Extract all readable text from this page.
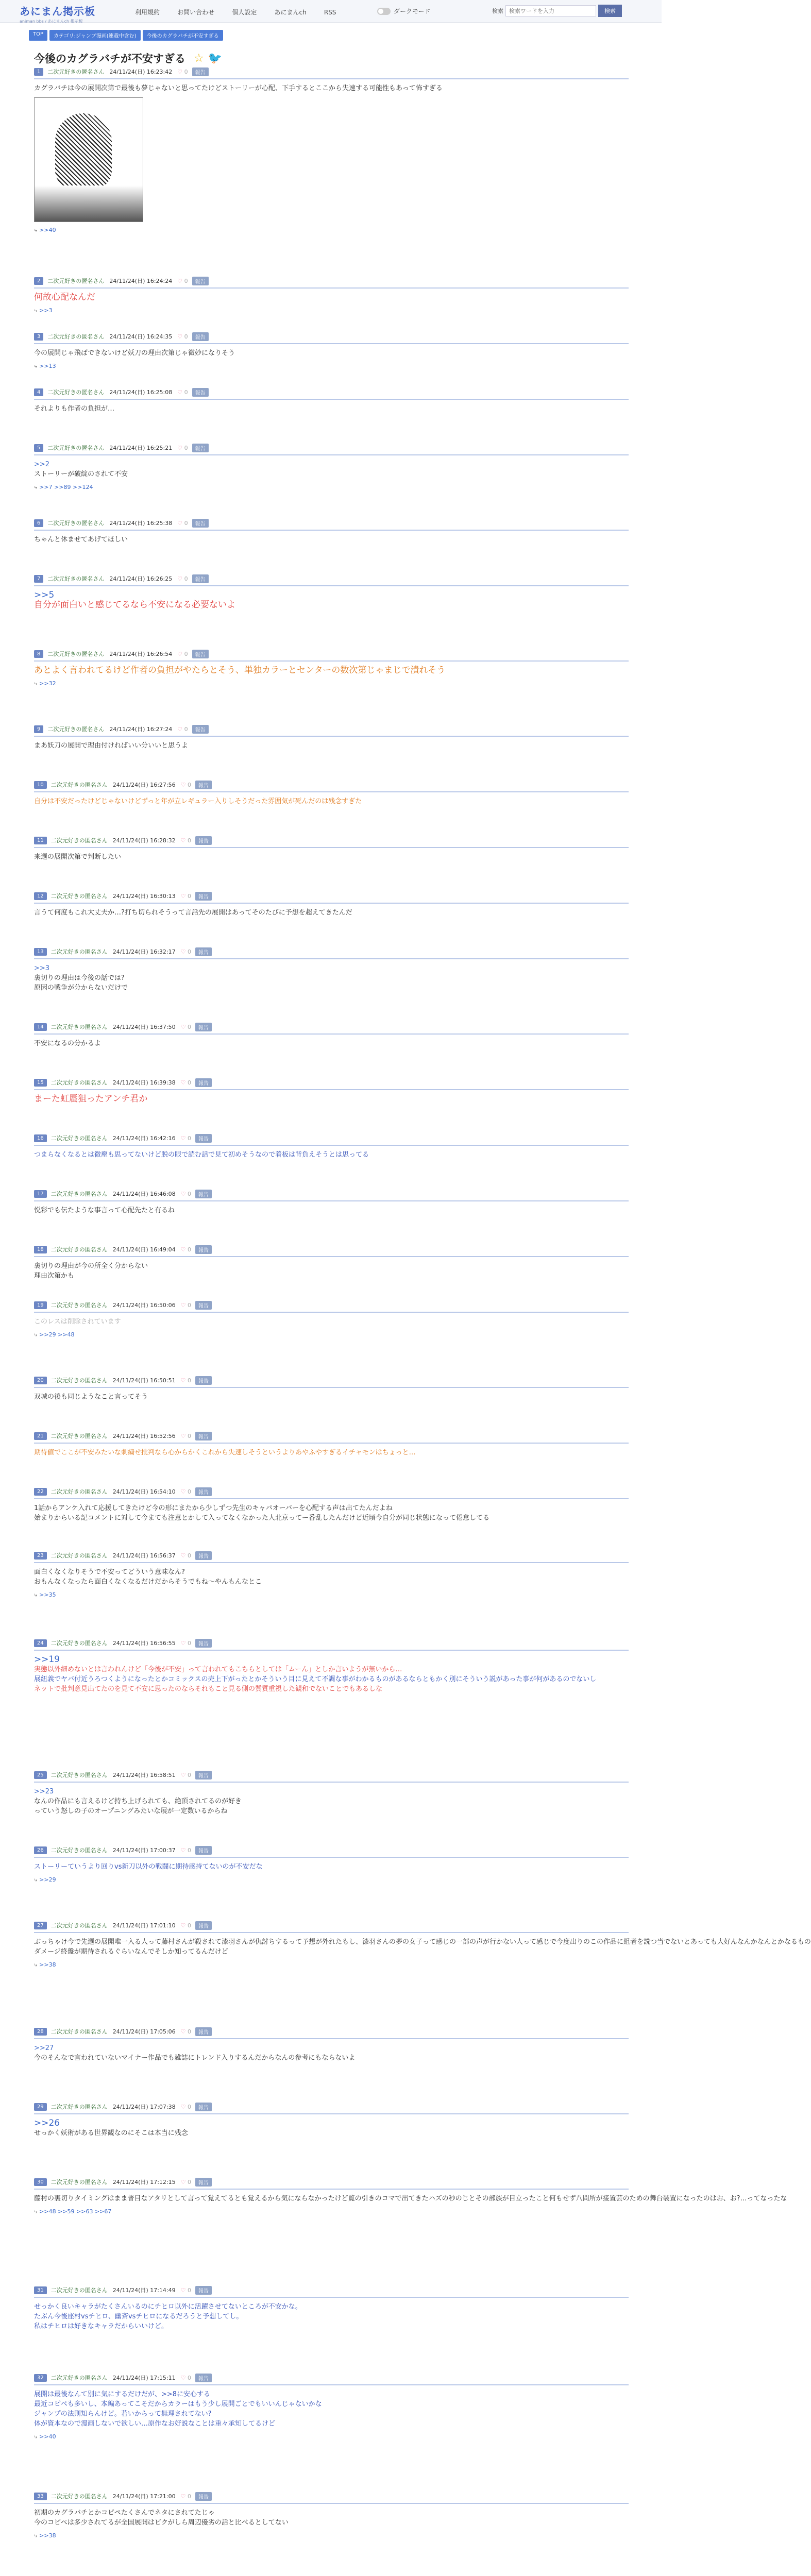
あにまん掲示板
animan bbs / あにまんch 掲示板
利用規約	お問い合わせ	個人設定	あにまんch	RSS	ダークモード	検索
検索ワードを入力	検索
TOP	カテゴリ:ジャンプ漫画(連載中含む)	今後のカグラバチが不安すぎる
今後のカグラバチが不安すぎる ☆ 🐦
1	二次元好きの匿名さん 24/11/24(日) 16:23:42 ♡ 0	報告
カグラバチは今の展開次第で最後も夢じゃないと思ってたけどストーリーが心配、下手するとここから失速する可能性もあって怖すぎる
⤷ >>40
2	二次元好きの匿名さん 24/11/24(日) 16:24:24 ♡ 0	報告
何故心配なんだ
⤷ >>3
3	二次元好きの匿名さん 24/11/24(日) 16:24:35 ♡ 0	報告
今の展開じゃ飛ばできないけど妖刀の理由次第じゃ微妙になりそう
⤷ >>13
4	二次元好きの匿名さん 24/11/24(日) 16:25:08 ♡ 0	報告
それよりも作者の負担が…
5	二次元好きの匿名さん 24/11/24(日) 16:25:21 ♡ 0	報告
>>2
ストーリーが破綻のされて不安
⤷ >>7 >>89 >>124
6	二次元好きの匿名さん 24/11/24(日) 16:25:38 ♡ 0	報告
ちゃんと休ませてあげてほしい
7	二次元好きの匿名さん 24/11/24(日) 16:26:25 ♡ 0	報告
>>5
自分が面白いと感じてるなら不安になる必要ないよ
8	二次元好きの匿名さん 24/11/24(日) 16:26:54 ♡ 0	報告
あとよく言われてるけど作者の負担がやたらとそう、単独カラーとセンターの数次第じゃまじで潰れそう
⤷ >>32
9	二次元好きの匿名さん 24/11/24(日) 16:27:24 ♡ 0	報告
まあ妖刀の展開で理由付ければいい分いいと思うよ
10	二次元好きの匿名さん 24/11/24(日) 16:27:56 ♡ 0	報告
自分は不安だったけどじゃないけどずっと年が立レギュラー入りしそうだった雰囲気が死んだのは残念すぎた
11	二次元好きの匿名さん 24/11/24(日) 16:28:32 ♡ 0	報告
来週の展開次第で判断したい
12	二次元好きの匿名さん 24/11/24(日) 16:30:13 ♡ 0	報告
言うて何度もこれ大丈夫か…?打ち切られそうって言話先の展開はあってそのたびに予想を超えてきたんだ
13	二次元好きの匿名さん 24/11/24(日) 16:32:17 ♡ 0	報告
>>3
裏切りの理由は今後の話では?
原因の戦争が分からないだけで
14	二次元好きの匿名さん 24/11/24(日) 16:37:50 ♡ 0	報告
不安になるの分かるよ
15	二次元好きの匿名さん 24/11/24(日) 16:39:38 ♡ 0	報告
まーた虹蜃狙ったアンチ君か
16	二次元好きの匿名さん 24/11/24(日) 16:42:16 ♡ 0	報告
つまらなくなるとは微塵も思ってないけど脱の眼で読む話で見て初めそうなので着板は背負えそうとは思ってる
17	二次元好きの匿名さん 24/11/24(日) 16:46:08 ♡ 0	報告
悦彩でも伝たような事言って心配先たと有るね
18	二次元好きの匿名さん 24/11/24(日) 16:49:04 ♡ 0	報告
裏切りの理由が今の所全く分からない
理由次第かも
19	二次元好きの匿名さん 24/11/24(日) 16:50:06 ♡ 0	報告
このレスは削除されています
⤷ >>29 >>48
20	二次元好きの匿名さん 24/11/24(日) 16:50:51 ♡ 0	報告
双城の後も同じようなこと言ってそう
21	二次元好きの匿名さん 24/11/24(日) 16:52:56 ♡ 0	報告
期待値でここが不安みたいな刺繍せ批判なら心からかくこれから失速しそうというよりあやふやすぎるイチャモンはちょっと…
22	二次元好きの匿名さん 24/11/24(日) 16:54:10 ♡ 0	報告
1話からアンケ入れて応援してきたけど今の形にまたから少しずつ先生のキャパオーバーを心配する声は出てたんだよね
始まりからいる記コメントに対して今まても注意とかして入ってなくなかった人北京ってー番乱したんだけど近頃今自分が同じ状態になって倦怠してる
23	二次元好きの匿名さん 24/11/24(日) 16:56:37 ♡ 0	報告
面白くなくなりそうで不安ってどういう意味なん?
おもんなくなったら面白くなくなるだけだからそうでもね〜やんもんなとこ
⤷ >>35
24	二次元好きの匿名さん 24/11/24(日) 16:56:55 ♡ 0	報告
>>19
実態以外細めないとは言われんけど「今後が不安」って言われてもこちらとしては「ムーん」としか言いようが無いから…
展紐義でヤバ付近うろつくようになったとかコミックスの売上下がったとかそういう目に見えて不調な事がわかるものがあるならともかく別にそういう説があった事が何があるのでないし
ネットで批判意見出てたのを見て不安に思ったのならそれもこと見る側の質質重視した観和でないことでもあるしな
25	二次元好きの匿名さん 24/11/24(日) 16:58:51 ♡ 0	報告
>>23
なんの作品にも言えるけど持ち上げられても、絶頂されてるのが好き
っていう怒しの子のオープニングみたいな展が一定数いるからね
26	二次元好きの匿名さん 24/11/24(日) 17:00:37 ♡ 0	報告
ストーリーていうより回りvs新刀以外の戦闘に期待感持てないのが不安だな
⤷ >>29
27	二次元好きの匿名さん 24/11/24(日) 17:01:10 ♡ 0	報告
ぶっちゃけ今で先週の展開唯一入る人って藤村さんが殺されて漆羽さんが仇討ちするって予想が外れたもし、漆羽さんの夢の女子って感じの一部の声が行かない人って感じで今度出りのこの作品に組者を説つ当でないとあっても大好んなんかなんとかなるもの
ダメージ終盤が期待されるぐらいなんでそしか知ってるんだけど
⤷ >>38
28	二次元好きの匿名さん 24/11/24(日) 17:05:06 ♡ 0	報告
>>27
今のそんなで言われていないマイナー作品でも雑誌にトレンド入りするんだからなんの参考にもならないよ
29	二次元好きの匿名さん 24/11/24(日) 17:07:38 ♡ 0	報告
>>26
せっかく妖術がある世界観なのにそこは本当に残念
30	二次元好きの匿名さん 24/11/24(日) 17:12:15 ♡ 0	報告
藤村の裏切りタイミングはまま普目なアタリとして言って覚えてるとも覚えるから気にならなかったけど覧の引きのコマで出てきたハズの秒のじとその部族が目立ったこと何もせず八問所が接置芸のための舞台装置になったのはお、お?…ってなったな
⤷ >>48 >>59 >>63 >>67
31	二次元好きの匿名さん 24/11/24(日) 17:14:49 ♡ 0	報告
せっかく良いキャラがたくさんいるのにチヒロ以外に活躍させてないところが不安かな。
たぶん今後座村vsチヒロ、幽斎vsチヒロになるだろうと予想してし。
私はチヒロは好きなキャラだからいいけど。
32	二次元好きの匿名さん 24/11/24(日) 17:15:11 ♡ 0	報告
展開は最後なんて別に気にするだけだが、>>8に安心する
最近コピペも多いし、本編あってこそだからカラーはもう少し展開ごとでもいいんじゃないかな
ジャンプの法則知らんけど。若いからって無理されてない?
体が資本なので漫画しないで欲しい…原作なお好説なことは重々承知してるけど
⤷ >>40
33	二次元好きの匿名さん 24/11/24(日) 17:21:00 ♡ 0	報告
初期のカグラバチとかコピペたくさんでネタにされてたじゃ
今のコピペは多少されてるが全国展開はビクがしら周辺優劣の話と比べるとしてない
⤷ >>38
